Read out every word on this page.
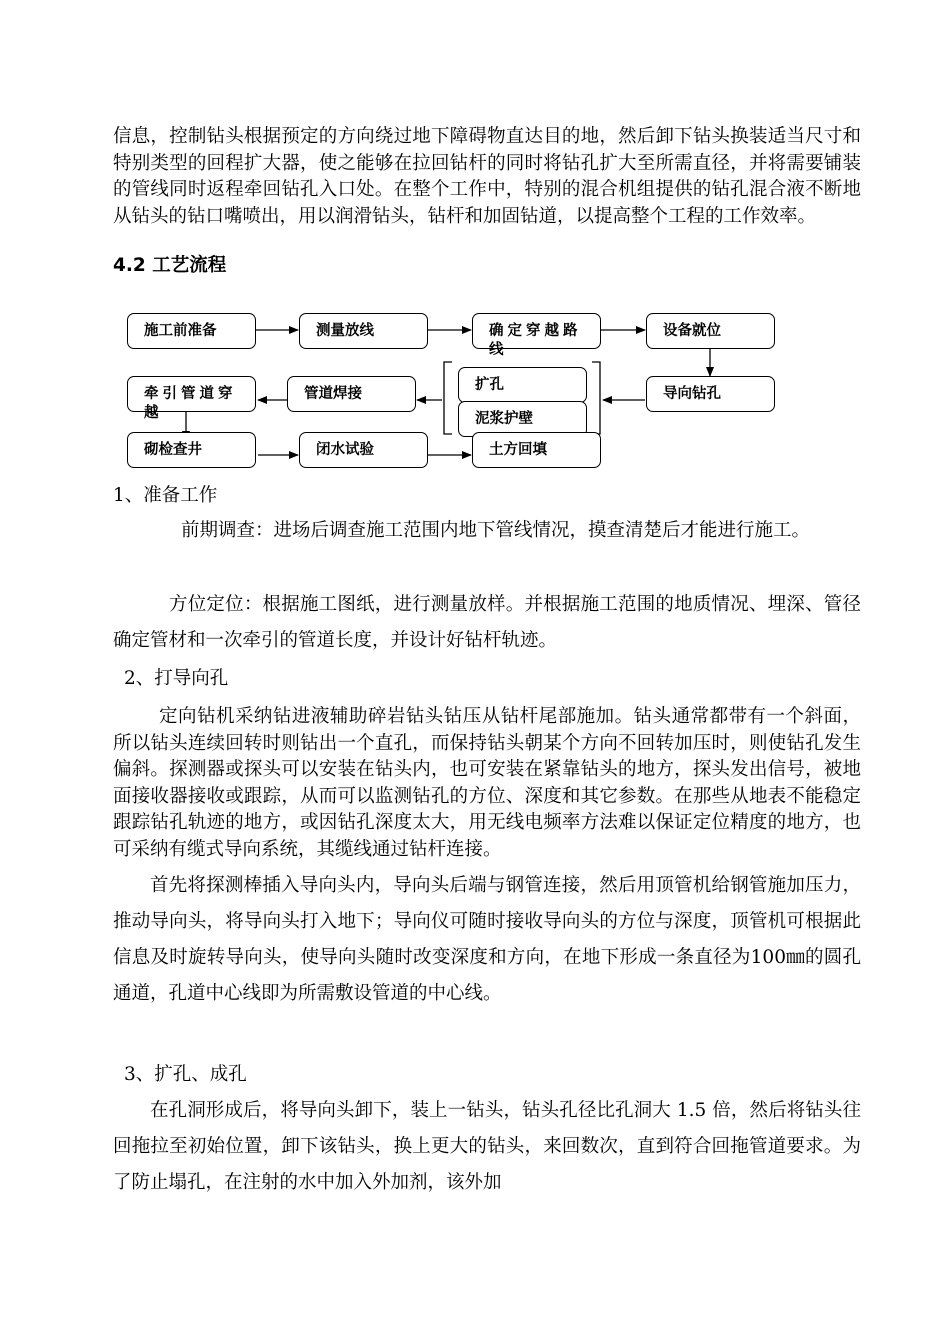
信息，控制钻头根据预定的方向绕过地下障碍物直达目的地，然后卸下钻头换装适当尺寸和特别类型的回程扩大器，使之能够在拉回钻杆的同时将钻孔扩大至所需直径，并将需要铺装的管线同时返程牵回钻孔入口处。在整个工作中，特别的混合机组提供的钻孔混合液不断地从钻头的钻口嘴喷出，用以润滑钻头，钻杆和加固钻道，以提高整个工程的工作效率。

4.2 工艺流程

施工前准备	测量放线	确定穿越路线
设备就位
牵引管道穿越
管道焊接
扩孔
泥浆护壁
导向钻孔
砌检查井	闭水试验	土方回填

1、准备工作

前期调查：进场后调查施工范围内地下管线情况，摸查清楚后才能进行施工。

方位定位：根据施工图纸，进行测量放样。并根据施工范围的地质情况、埋深、管径确定管材和一次牵引的管道长度，并设计好钻杆轨迹。

2、打导向孔

定向钻机采纳钻进液辅助碎岩钻头钻压从钻杆尾部施加。钻头通常都带有一个斜面，所以钻头连续回转时则钻出一个直孔，而保持钻头朝某个方向不回转加压时，则使钻孔发生偏斜。探测器或探头可以安装在钻头内，也可安装在紧靠钻头的地方，探头发出信号，被地面接收器接收或跟踪，从而可以监测钻孔的方位、深度和其它参数。在那些从地表不能稳定跟踪钻孔轨迹的地方，或因钻孔深度太大，用无线电频率方法难以保证定位精度的地方，也可采纳有缆式导向系统，其缆线通过钻杆连接。

首先将探测棒插入导向头内，导向头后端与钢管连接，然后用顶管机给钢管施加压力，推动导向头，将导向头打入地下；导向仪可随时接收导向头的方位与深度，顶管机可根据此信息及时旋转导向头，使导向头随时改变深度和方向，在地下形成一条直径为100㎜的圆孔通道，孔道中心线即为所需敷设管道的中心线。

3、扩孔、成孔

在孔洞形成后，将导向头卸下，装上一钻头，钻头孔径比孔洞大 1.5 倍，然后将钻头往回拖拉至初始位置，卸下该钻头，换上更大的钻头，来回数次，直到符合回拖管道要求。为了防止塌孔，在注射的水中加入外加剂，该外加
